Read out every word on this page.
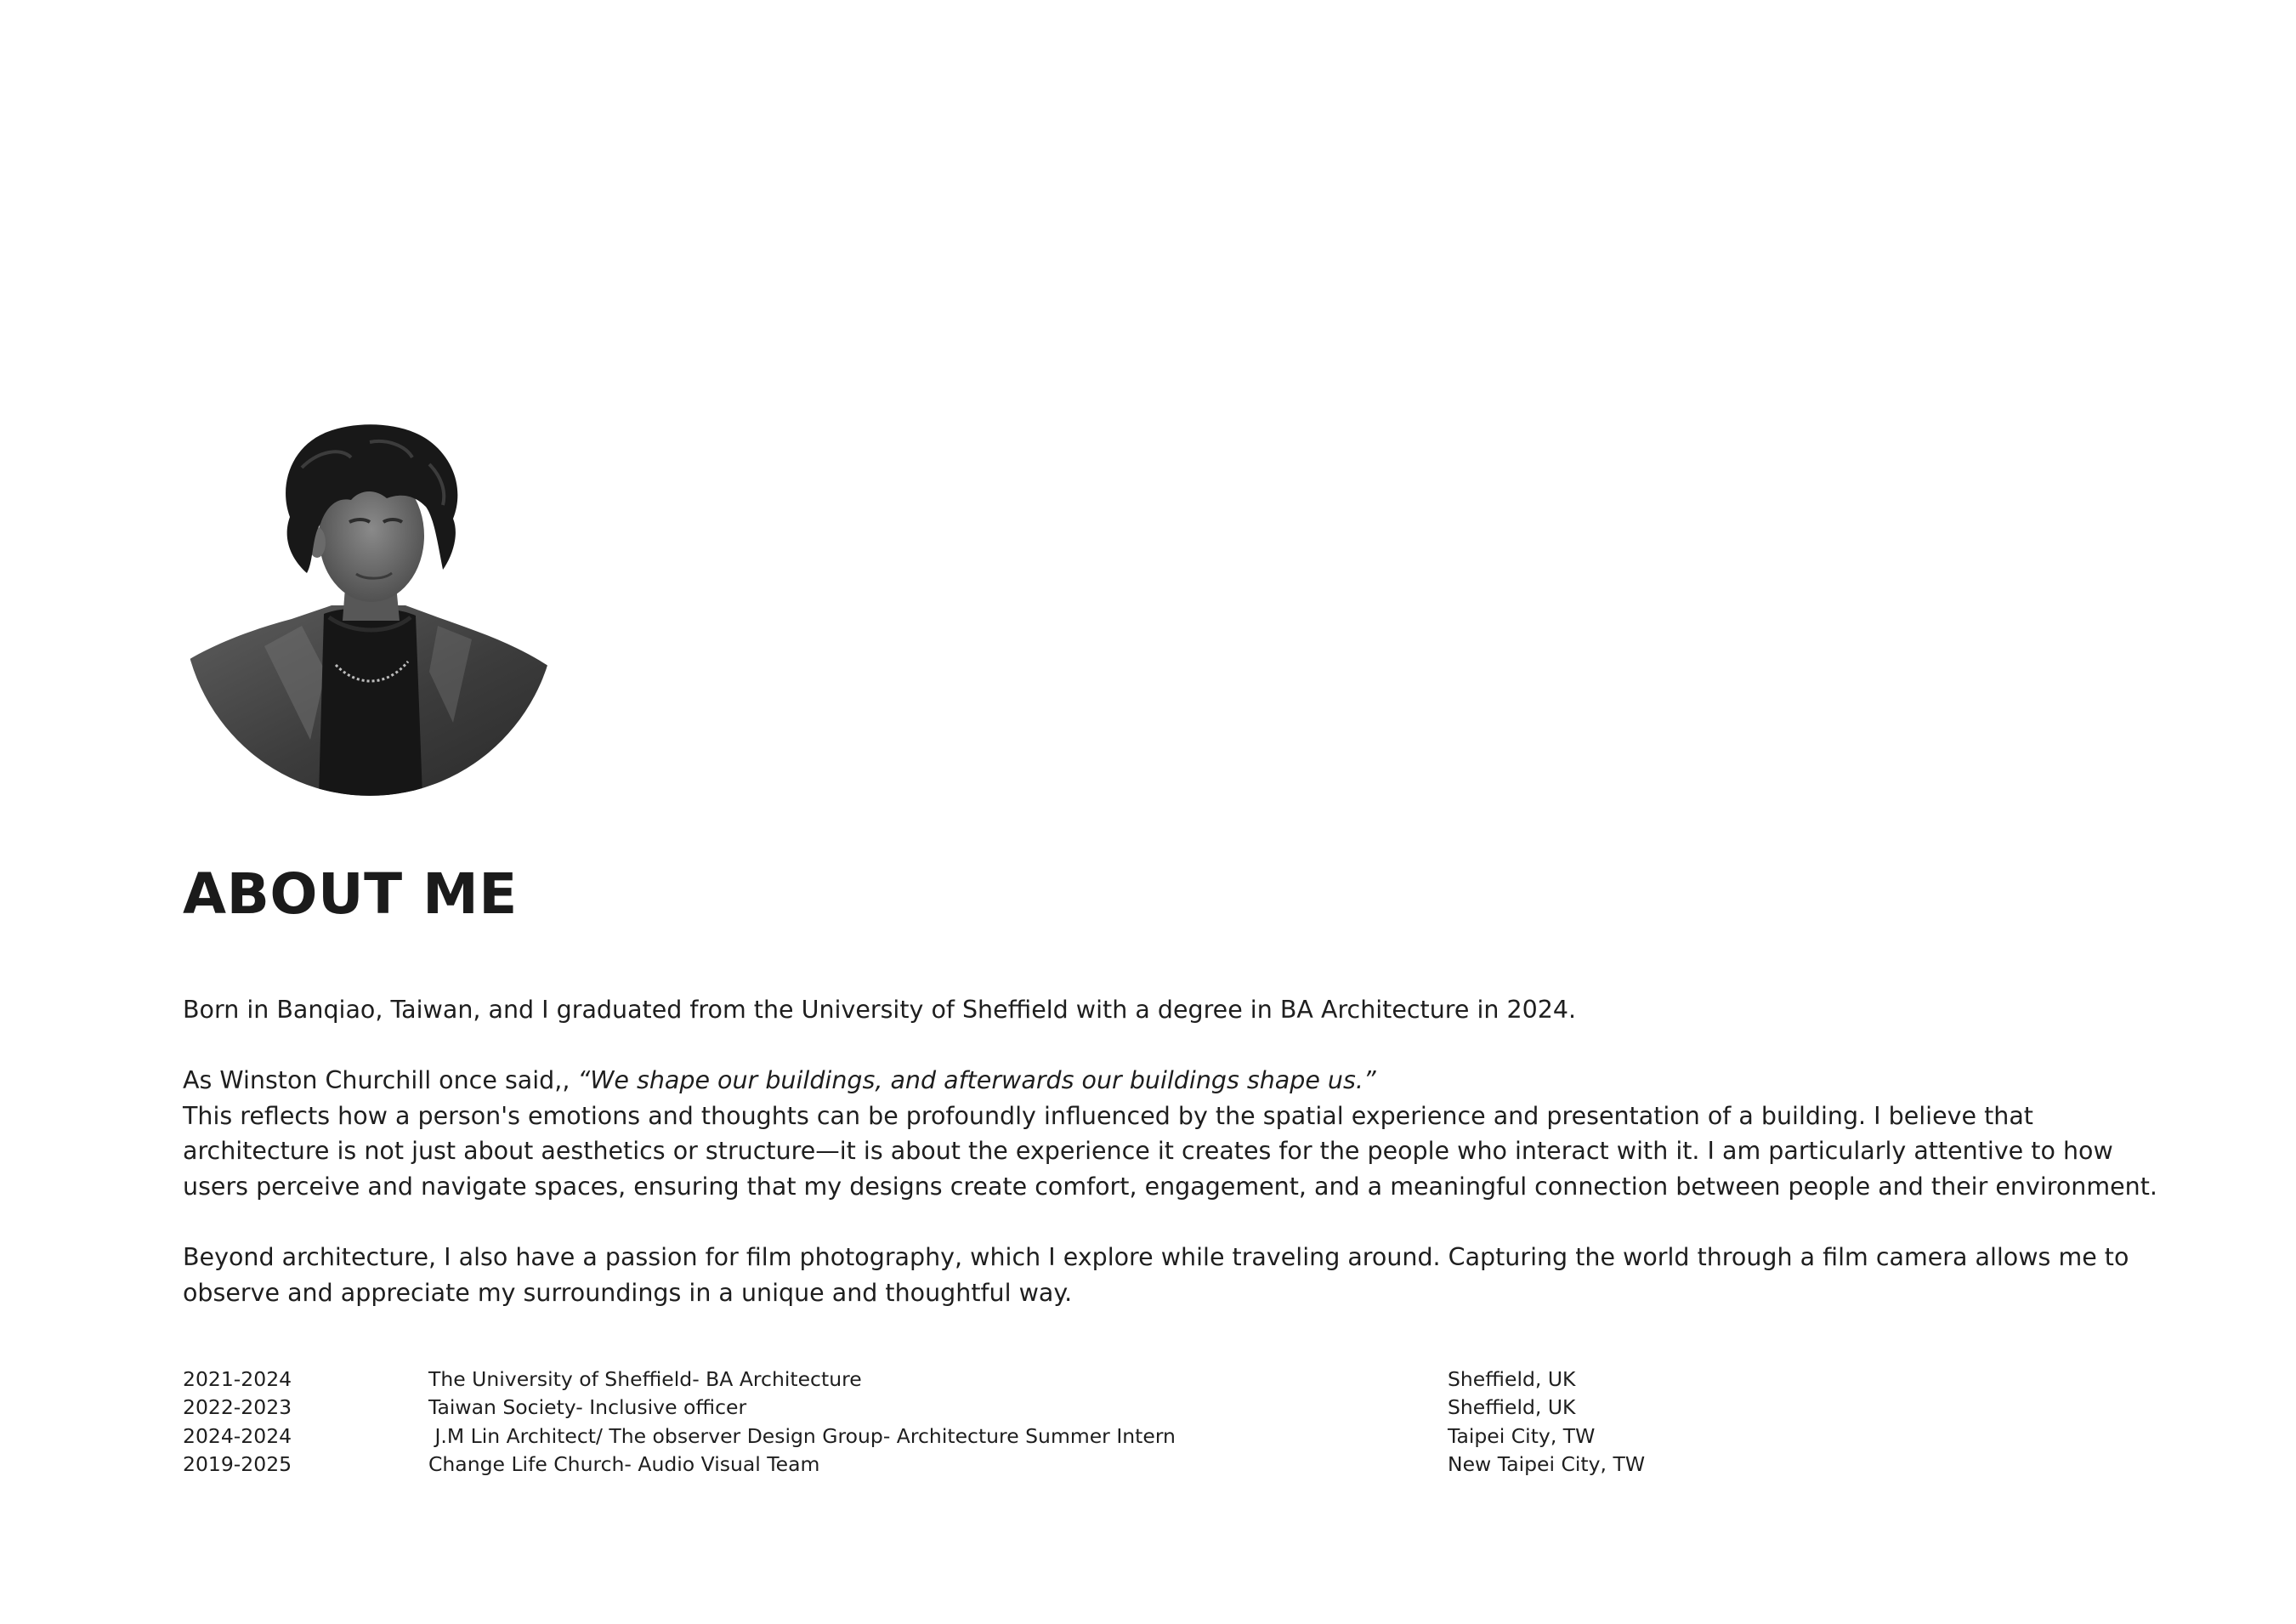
ABOUT ME

Born in Banqiao, Taiwan, and I graduated from the University of Sheffield with a degree in BA Architecture in 2024.

As Winston Churchill once said,, “We shape our buildings, and afterwards our buildings shape us.”

This reflects how a person's emotions and thoughts can be profoundly influenced by the spatial experience and presentation of a building. I believe that

architecture is not just about aesthetics or structure—it is about the experience it creates for the people who interact with it. I am particularly attentive to how

users perceive and navigate spaces, ensuring that my designs create comfort, engagement, and a meaningful connection between people and their environment.

Beyond architecture, I also have a passion for film photography, which I explore while traveling around. Capturing the world through a film camera allows me to

observe and appreciate my surroundings in a unique and thoughtful way.

2021-2024	The University of Sheffield- BA Architecture	Sheffield, UK
2022-2023	Taiwan Society- Inclusive officer	Sheffield, UK
2024-2024	J.M Lin Architect/ The observer Design Group- Architecture Summer Intern	Taipei City, TW
2019-2025	Change Life Church- Audio Visual Team	New Taipei City, TW
